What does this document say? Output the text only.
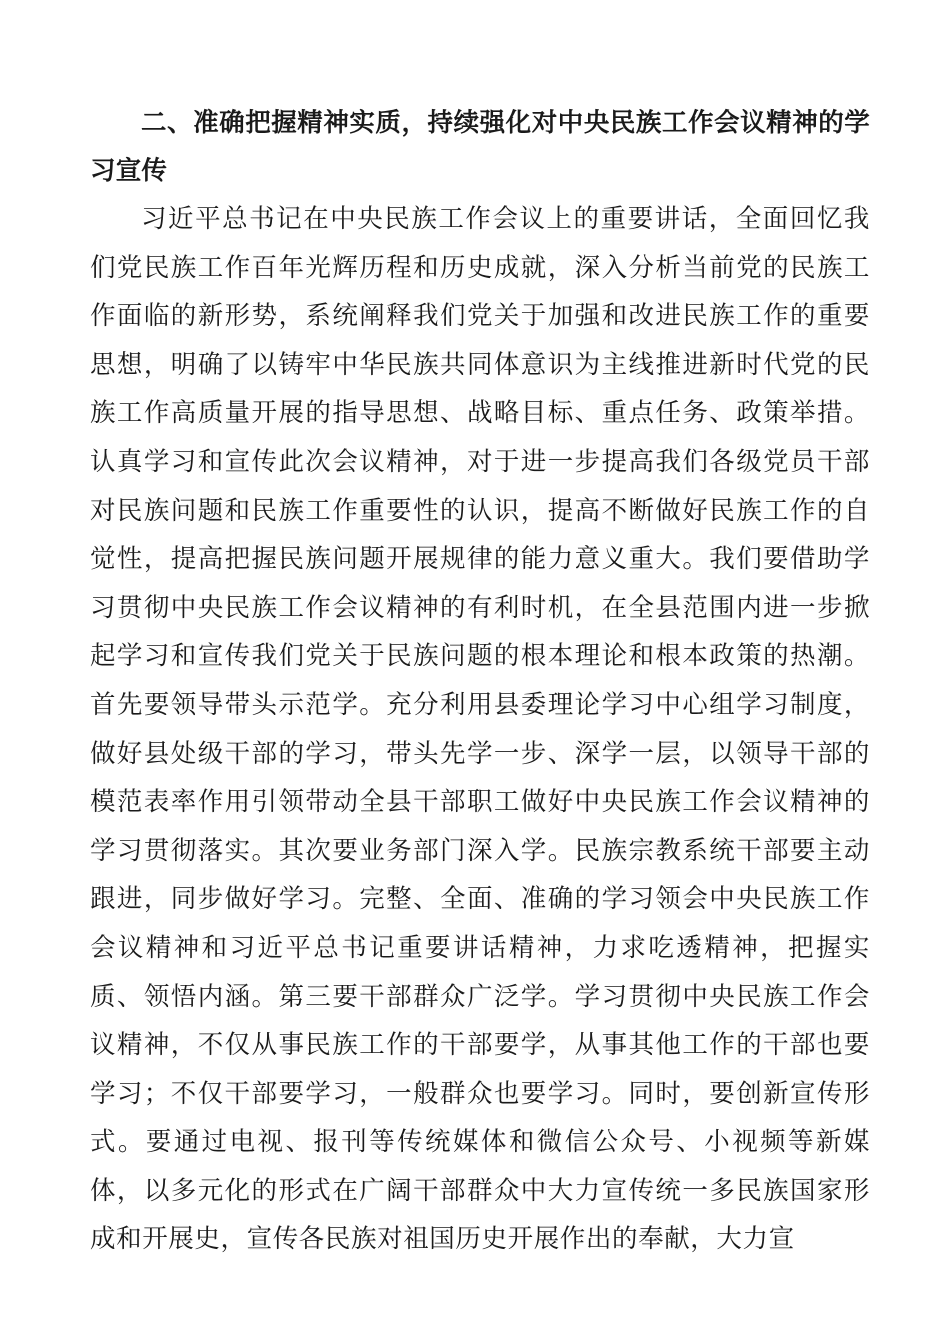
二、准确把握精神实质，持续强化对中央民族工作会议精神的学习宣传

习近平总书记在中央民族工作会议上的重要讲话，全面回忆我们党民族工作百年光辉历程和历史成就，深入分析当前党的民族工作面临的新形势，系统阐释我们党关于加强和改进民族工作的重要思想，明确了以铸牢中华民族共同体意识为主线推进新时代党的民族工作高质量开展的指导思想、战略目标、重点任务、政策举措。认真学习和宣传此次会议精神，对于进一步提高我们各级党员干部对民族问题和民族工作重要性的认识，提高不断做好民族工作的自觉性，提高把握民族问题开展规律的能力意义重大。我们要借助学习贯彻中央民族工作会议精神的有利时机，在全县范围内进一步掀起学习和宣传我们党关于民族问题的根本理论和根本政策的热潮。首先要领导带头示范学。充分利用县委理论学习中心组学习制度，做好县处级干部的学习，带头先学一步、深学一层，以领导干部的模范表率作用引领带动全县干部职工做好中央民族工作会议精神的学习贯彻落实。其次要业务部门深入学。民族宗教系统干部要主动跟进，同步做好学习。完整、全面、准确的学习领会中央民族工作会议精神和习近平总书记重要讲话精神，力求吃透精神，把握实质、领悟内涵。第三要干部群众广泛学。学习贯彻中央民族工作会议精神，不仅从事民族工作的干部要学，从事其他工作的干部也要学习；不仅干部要学习，一般群众也要学习。同时，要创新宣传形式。要通过电视、报刊等传统媒体和微信公众号、小视频等新媒体，以多元化的形式在广阔干部群众中大力宣传统一多民族国家形成和开展史，宣传各民族对祖国历史开展作出的奉献，大力宣
